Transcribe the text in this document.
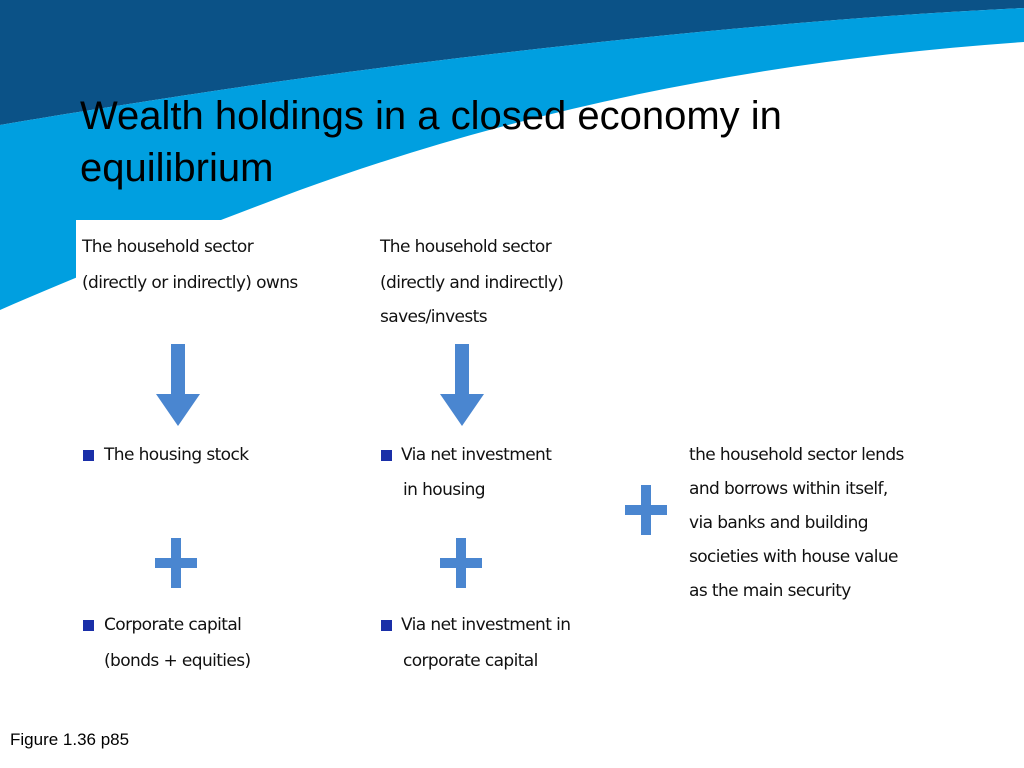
Wealth holdings in a closed economy in equilibrium
The household sector
(directly or indirectly) owns
The household sector
(directly and indirectly)
saves/invests
The housing stock
Corporate capital
(bonds + equities)
Via net investment
in housing
Via net investment in
corporate capital
the household sector lends
and borrows within itself,
via banks and building
societies with house value
as the main security
Figure 1.36 p85
